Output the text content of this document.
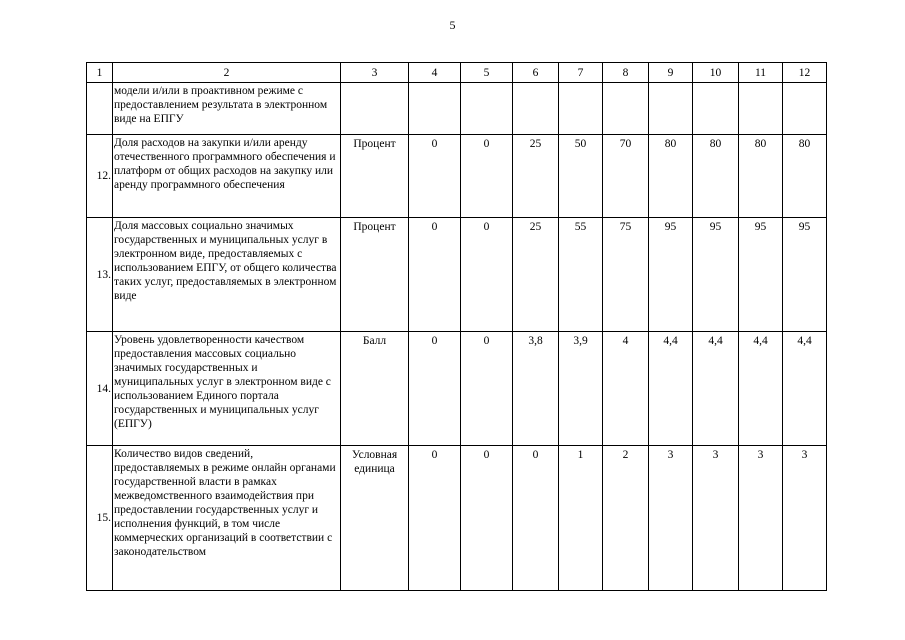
5
1	2	3	4	5	6	7	8	9	10	11	12
	модели и/или в проактивном режиме с предоставлением результата в электронном виде на ЕПГУ										
12.	Доля расходов на закупки и/или аренду отечественного программного обеспечения и платформ от общих расходов на закупку или аренду программного обеспечения	Процент	0	0	25	50	70	80	80	80	80
13.	Доля массовых социально значимых государственных и муниципальных услуг в электронном виде, предоставляемых с использованием ЕПГУ, от общего количества таких услуг, предоставляемых в электронном виде	Процент	0	0	25	55	75	95	95	95	95
14.	Уровень удовлетворенности качеством предоставления массовых социально значимых государственных и муниципальных услуг в электронном виде с использованием Единого портала государственных и муниципальных услуг (ЕПГУ)	Балл	0	0	3,8	3,9	4	4,4	4,4	4,4	4,4
15.	Количество видов сведений, предоставляемых в режиме онлайн органами государственной власти в рамках межведомственного взаимодействия при предоставлении государственных услуг и исполнения функций, в том числе коммерческих организаций в соответствии с законодательством	Условная единица	0	0	0	1	2	3	3	3	3
